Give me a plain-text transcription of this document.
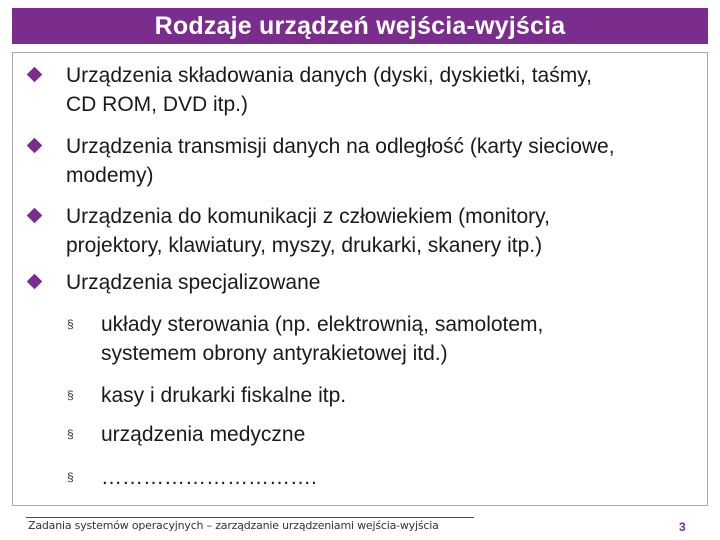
Rodzaje urządzeń wejścia-wyjścia
Urządzenia składowania danych (dyski, dyskietki, taśmy,
CD ROM, DVD itp.)
Urządzenia transmisji danych na odległość (karty sieciowe,
modemy)
Urządzenia do komunikacji z człowiekiem (monitory,
projektory, klawiatury, myszy, drukarki, skanery itp.)
Urządzenia specjalizowane
§ układy sterowania (np. elektrownią, samolotem,
systemem obrony antyrakietowej itd.)
§ kasy i drukarki fiskalne itp.
§ urządzenia medyczne
§ ………………………….
Zadania systemów operacyjnych – zarządzanie urządzeniami wejścia-wyjścia	3
